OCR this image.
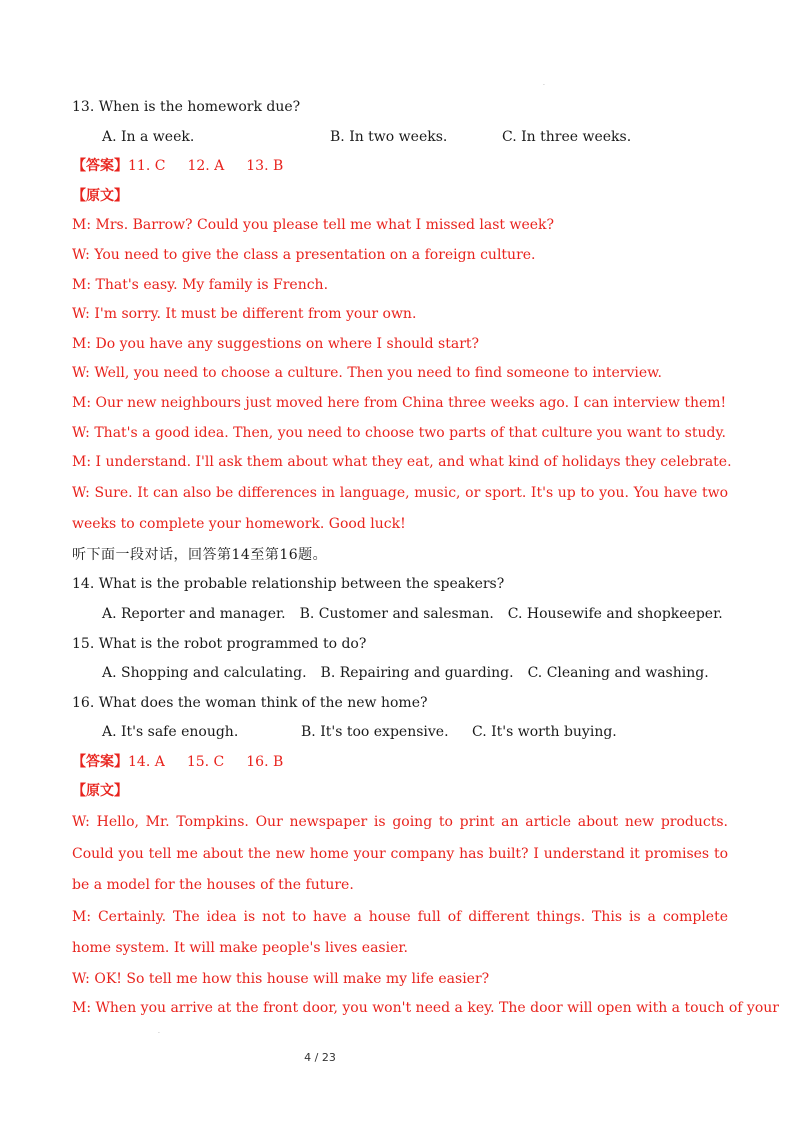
·
13. When is the homework due?
A. In a week.	B. In two weeks.	C. In three weeks.
【答案】11. C 12. A 13. B
【原文】
M: Mrs. Barrow? Could you please tell me what I missed last week?
W: You need to give the class a presentation on a foreign culture.
M: That's easy. My family is French.
W: I'm sorry. It must be different from your own.
M: Do you have any suggestions on where I should start?
W: Well, you need to choose a culture. Then you need to find someone to interview.
M: Our new neighbours just moved here from China three weeks ago. I can interview them!
W: That's a good idea. Then, you need to choose two parts of that culture you want to study.
M: I understand. I'll ask them about what they eat, and what kind of holidays they celebrate.
W: Sure. It can also be differences in language, music, or sport. It's up to you. You have two weeks to complete your homework. Good luck!
听下面一段对话，回答第14至第16题。
14. What is the probable relationship between the speakers?
A. Reporter and manager. B. Customer and salesman. C. Housewife and shopkeeper.
15. What is the robot programmed to do?
A. Shopping and calculating. B. Repairing and guarding. C. Cleaning and washing.
16. What does the woman think of the new home?
A. It's safe enough.	B. It's too expensive.	C. It's worth buying.
【答案】14. A 15. C 16. B
【原文】
W: Hello, Mr. Tompkins. Our newspaper is going to print an article about new products. Could you tell me about the new home your company has built? I understand it promises to be a model for the houses of the future.
M: Certainly. The idea is not to have a house full of different things. This is a complete home system. It will make people's lives easier.
W: OK! So tell me how this house will make my life easier?
M: When you arrive at the front door, you won't need a key. The door will open with a touch of your
·
4 / 23
